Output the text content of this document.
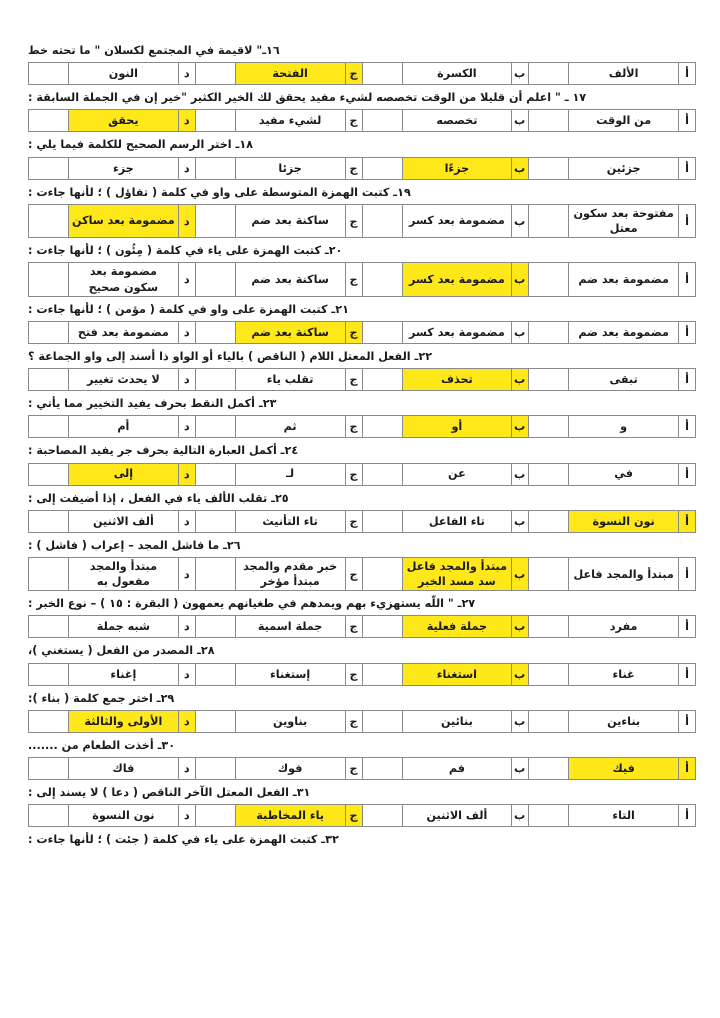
١٦ـ" لاقيمة في المجتمع لكسلان " ما تحته خط
أ	الألف		ب	الكسرة		ج	الفتحة		د	النون	
١٧ ـ " اعلم أن قليلا من الوقت تخصصه لشيء مفيد يحقق لك الخير الكثير "خير إن في الجملة السابقة :
أ	من الوقت		ب	تخصصه		ج	لشيء مفيد		د	يحقق	
١٨ـ اختر الرسم الصحيح للكلمة فيما يلي :
أ	جزئين		ب	جزءًا		ج	جزئا		د	جزء	
١٩ـ كتبت الهمزة المتوسطة على واو في كلمة ( تفاؤل ) ؛ لأنها جاءت :
أ	مفتوحة بعد سكون معتل		ب	مضمومة بعد كسر		ج	ساكنة بعد ضم		د	مضمومة بعد ساكن	
٢٠ـ كتبت الهمزة على ياء في كلمة ( مِئُون ) ؛ لأنها جاءت :
أ	مضمومة بعد ضم		ب	مضمومة بعد كسر		ج	ساكنة بعد ضم		د	مضمومة بعد سكون صحيح	
٢١ـ كتبت الهمزة على واو في كلمة ( مؤمن ) ؛ لأنها جاءت :
أ	مضمومة بعد ضم		ب	مضمومة بعد كسر		ج	ساكنة بعد ضم		د	مضمومة بعد فتح	
٢٢ـ الفعل المعتل اللام ( الناقص ) بالياء أو الواو ذا أسند إلى واو الجماعة ؟
أ	تبقى		ب	تحذف		ج	تقلب ياء		د	لا يحدث تغيير	
٢٣ـ أكمل النقط بحرف يفيد التخيير مما يأتي :
أ	و		ب	أو		ج	ثم		د	أم	
٢٤ـ أكمل العبارة التالية بحرف جر يفيد المصاحبة :
أ	في		ب	عن		ج	لـ		د	إلى	
٢٥ـ تقلب الألف ياء في الفعل ، إذا أضيفت إلى :
أ	نون النسوة		ب	تاء الفاعل		ج	تاء التأنيث		د	ألف الاثنين	
٢٦ـ ما فاشل المجد – إعراب ( فاشل ) :
أ	مبتدأ والمجد فاعل		ب	مبتدأ والمجد فاعل سد مسد الخبر		ج	خبر مقدم والمجد مبتدأ مؤخر		د	مبتدأ والمجد مفعول به	
٢٧ـ " اللّه يستهزيء بهم ويمدهم في طغيانهم يعمهون ( البقرة : ١٥ ) – نوع الخبر :
أ	مفرد		ب	جملة فعلية		ج	جملة اسمية		د	شبه جملة	
٢٨ـ المصدر من الفعل ( يستغني )،
أ	غناء		ب	استغناء		ج	إستغناء		د	إغناء	
٢٩ـ اختر جمع كلمة ( بناء ):
أ	بناءين		ب	بنائين		ج	بناوين		د	الأولى والثالثة	
٣٠ـ أخذت الطعام من .......
أ	فيك		ب	فم		ج	فوك		د	فاك	
٣١ـ الفعل المعتل الآخر الناقص ( دعا ) لا يسند إلى :
أ	التاء		ب	ألف الاثنين		ج	ياء المخاطبة		د	نون النسوة	
٣٢ـ كتبت الهمزة على ياء في كلمة ( جئت ) ؛ لأنها جاءت :
